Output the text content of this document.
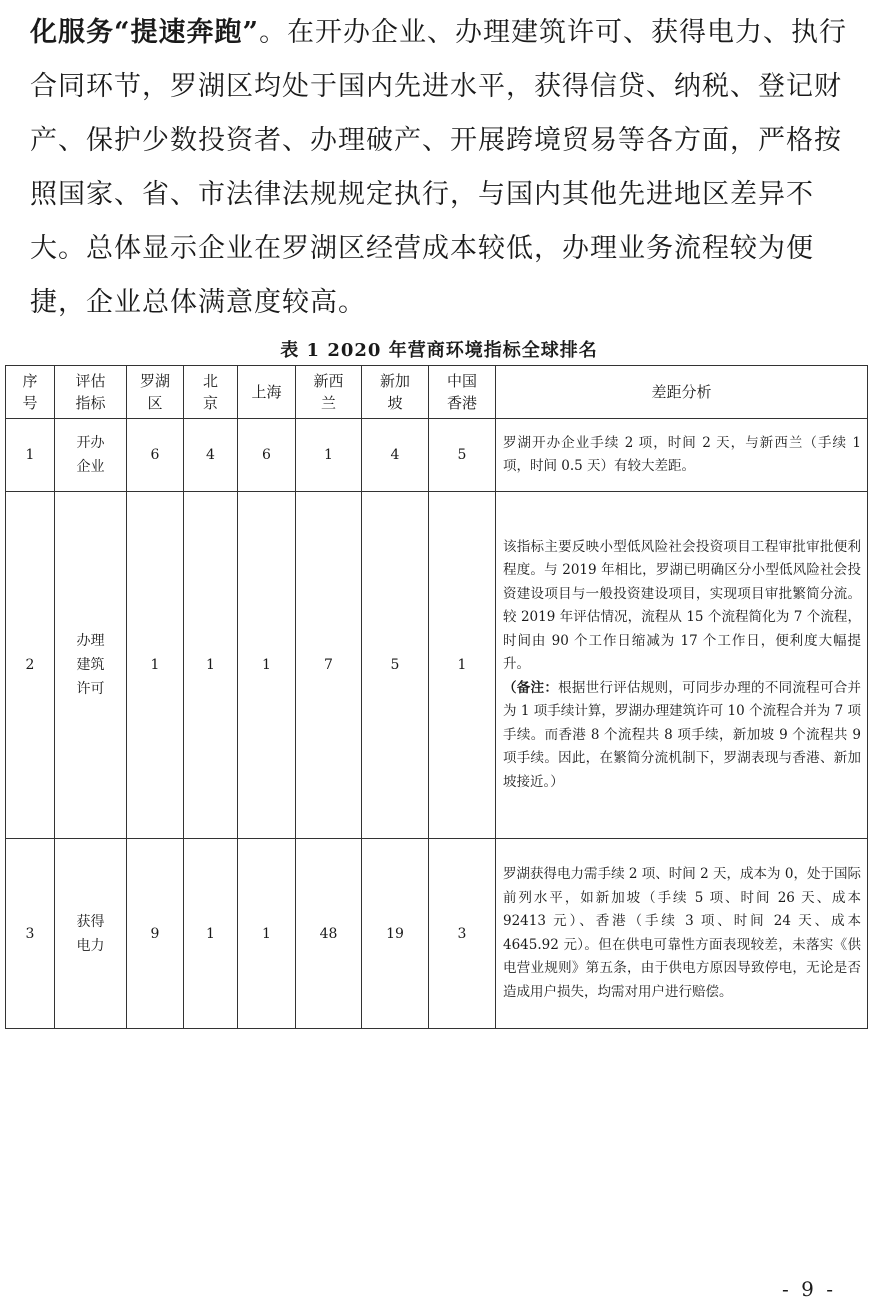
化服务“提速奔跑”。在开办企业、办理建筑许可、获得电力、执行合同环节，罗湖区均处于国内先进水平，获得信贷、纳税、登记财产、保护少数投资者、办理破产、开展跨境贸易等各方面，严格按照国家、省、市法律法规规定执行，与国内其他先进地区差异不大。总体显示企业在罗湖区经营成本较低，办理业务流程较为便捷，企业总体满意度较高。
表 1 2020 年营商环境指标全球排名
序号	评估指标	罗湖区	北京	上海	新西兰	新加坡	中国香港	差距分析
1	开办企业	6	4	6	1	4	5	罗湖开办企业手续 2 项，时间 2 天，与新西兰（手续 1 项，时间 0.5 天）有较大差距。
2	办理建筑许可	1	1	1	7	5	1	该指标主要反映小型低风险社会投资项目工程审批审批便利程度。与 2019 年相比，罗湖已明确区分小型低风险社会投资建设项目与一般投资建设项目，实现项目审批繁简分流。较 2019 年评估情况，流程从 15 个流程简化为 7 个流程，时间由 90 个工作日缩减为 17 个工作日，便利度大幅提升。
（备注：根据世行评估规则，可同步办理的不同流程可合并为 1 项手续计算，罗湖办理建筑许可 10 个流程合并为 7 项手续。而香港 8 个流程共 8 项手续，新加坡 9 个流程共 9 项手续。因此，在繁简分流机制下，罗湖表现与香港、新加坡接近。）

3	获得电力	9	1	1	48	19	3	罗湖获得电力需手续 2 项、时间 2 天，成本为 0，处于国际前列水平，如新加坡（手续 5 项、时间 26 天、成本 92413 元）、香港（手续 3 项、时间 24 天、成本 4645.92 元）。但在供电可靠性方面表现较差，未落实《供电营业规则》第五条，由于供电方原因导致停电，无论是否造成用户损失，均需对用户进行赔偿。
- 9 -
